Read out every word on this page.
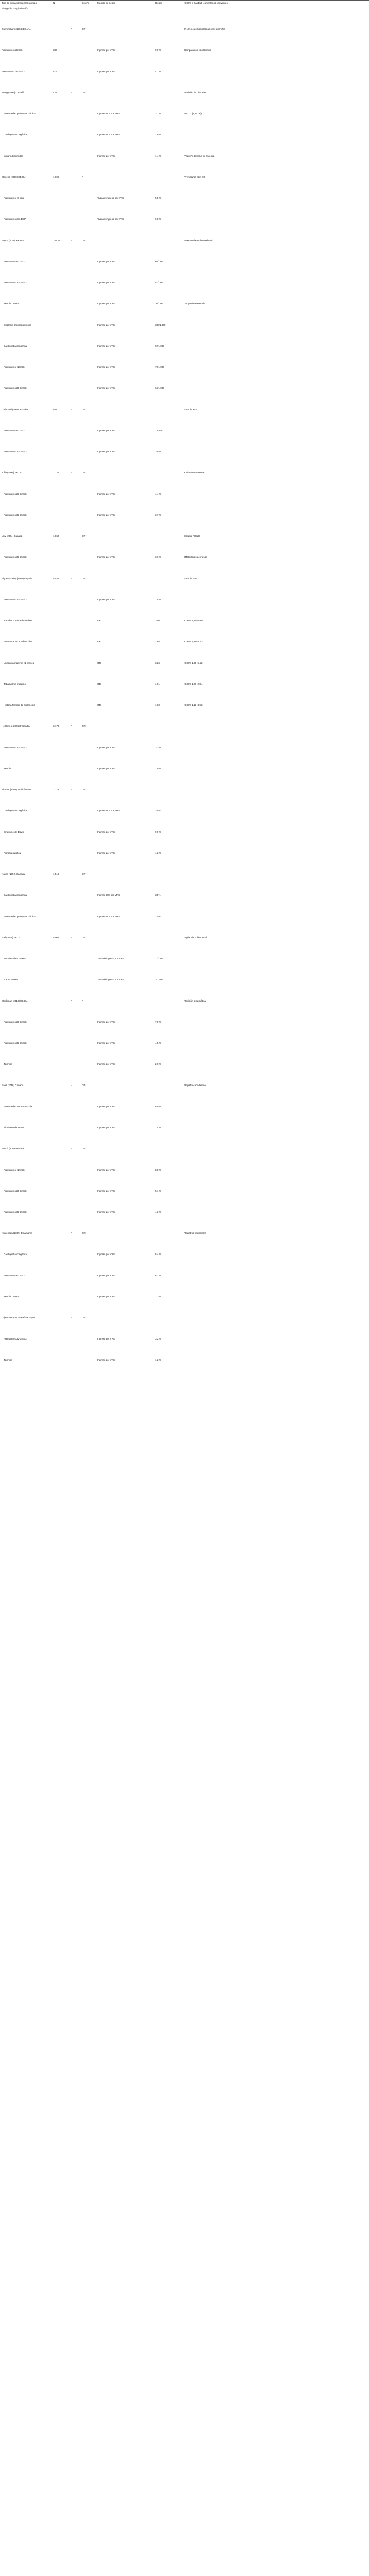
Tipo de población/país/año/grupo	N		Diseño	Medida de riesgo	Riesgo	IC95% o Calidad (comentarios relevantes)
Riesgo de hospitalización						
Cunningham (1994) EE.UU.		P	CP			2% (n.d.) de hospitalizaciones por VRS
Prematuros ≤32 SG	380			Ingreso por VRS	9,0 %	Comparación con término
Prematuros 33-35 SG	515			Ingreso por VRS	4,1 %	
Wang (1995) Canadá	427	H	CP			Revisión de historias
Enfermedad pulmonar crónica				Ingreso UCI por VRS	3,1 %	RR 1,7 (1,1–2,6)
Cardiopatía congénita				Ingreso UCI por VRS	2,9 %	
Inmunodeprimidos				Ingreso por VRS	1,4 %	Pequeño tamaño de muestra
Stevens (2000) EE.UU.	1.029	H	R			Prematuros <32 SG
Prematuros <1 año				Tasa de ingreso por VRS	5,5 %	
Prematuros con DBP				Tasa de ingreso por VRS	9,8 %	
Boyce (2000) EE.UU.	248.652	P	CR			Base de datos de Medicaid
Prematuros ≤32 SG				Ingreso por VRS	66/1.000	
Prematuros 33-35 SG				Ingreso por VRS	57/1.000	
Término sanos				Ingreso por VRS	30/1.000	Grupo de referencia
Displasia broncopulmonar				Ingreso por VRS	388/1.000	
Cardiopatía congénita				Ingreso por VRS	92/1.000	
Prematuros <28 SG				Ingreso por VRS	70/1.000	
Prematuros 29-32 SG				Ingreso por VRS	66/1.000	
Carbonell (2000) España	584	H	CP			Estudio IRIS
Prematuros ≤32 SG				Ingreso por VRS	13,4 %	
Prematuros 33-35 SG				Ingreso por VRS	3,9 %	
Joffe (1999) EE.UU.	1.721	H	CR			Kaiser Permanente
Prematuros 23-32 SG				Ingreso por VRS	4,4 %	
Prematuros 33-35 SG				Ingreso por VRS	3,7 %	
Law (2004) Canadá	1.860	H	CP			Estudio PICNIC
Prematuros 33-35 SG				Ingreso por VRS	3,6 %	OR factores de riesgo
Figueras-Aloy (2004) España	5.441	H	CP			Estudio FLIP
Prematuros 33-35 SG				Ingreso por VRS	1,5 %	
Nacidos octubre-diciembre				OR	3,95	IC95% 2,65–5,90
Hermanos en edad escolar				OR	2,85	IC95% 1,88–4,33
Lactancia materna <2 meses				OR	3,26	IC95% 1,96–5,42
Tabaquismo materno				OR	1,91	IC95% 1,28–2,84
Historia familiar de sibilancias				OR	1,90	IC95% 1,19–3,02
Heikkinen (2005) Finlandia	3.176	P	CR			
Prematuros 33-35 SG				Ingreso por VRS	3,3 %	
Término				Ingreso por VRS	1,0 %	
Simoes (2003) Multicéntrico	2.116	H	CP			
Cardiopatía congénita				Ingreso UCI por VRS	33 %	
Síndrome de Down				Ingreso por VRS	9,9 %	
Fibrosis quística				Ingreso por VRS	4,2 %	
Navas (1992) Canadá	1.516	H	CP			
Cardiopatía congénita				Ingreso UCI por VRS	33 %	
Enfermedad pulmonar crónica				Ingreso UCI por VRS	22 %	
Hall (2009) EE.UU.	5.067	P	CP			Vigilancia poblacional
Menores de 6 meses				Tasa de ingreso por VRS	17/1.000	
6 a 23 meses				Tasa de ingreso por VRS	3/1.000	
Stockman (2012) EE.UU.		P	R			Revisión sistemática
Prematuros 29-32 SG				Ingreso por VRS	7,0 %	
Prematuros 33-35 SG				Ingreso por VRS	4,5 %	
Término				Ingreso por VRS	2,0 %	
Paes (2016) Canadá		H	CP			Registro canadiense
Enfermedad neuromuscular				Ingreso por VRS	6,0 %	
Síndrome de Down				Ingreso por VRS	7,4 %	
Resch (2009) Austria		H	CP			
Prematuros <29 SG				Ingreso por VRS	8,8 %	
Prematuros 29-32 SG				Ingreso por VRS	5,1 %	
Prematuros 33-35 SG				Ingreso por VRS	4,3 %	
Kristensen (2009) Dinamarca		P	CR			Registros nacionales
Cardiopatía congénita				Ingreso por VRS	5,4 %	
Prematuros <33 SG				Ingreso por VRS	6,7 %	
Término sanos				Ingreso por VRS	1,3 %	
Gijtenbeek (2015) Países Bajos		H	CP			
Prematuros 32-35 SG				Ingreso por VRS	3,2 %	
Término				Ingreso por VRS	1,2 %	
